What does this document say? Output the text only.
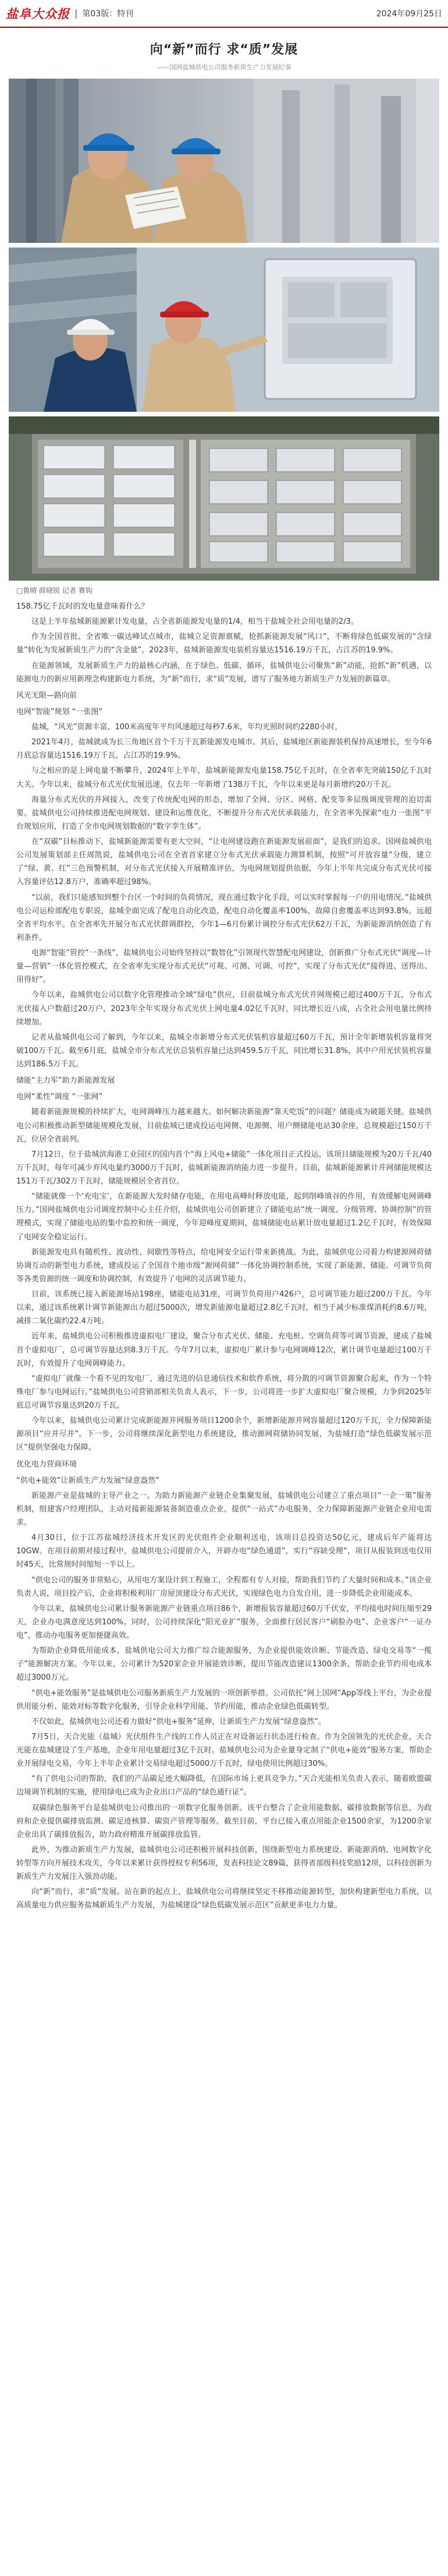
盐阜大众报 | 第03版：特刊	2024年09月25日
向“新”而行 求“质”发展
——国网盐城供电公司服务新质生产力发展纪事
□鲁晴 薛晓锐 记者 赛钩

158.75亿千瓦时的发电量意味着什么？

这是上半年盐城新能源累计发电量，占全省新能源发电量的1/4，相当于盐城全社会用电量的2/3。

作为全国首批、全省唯一碳达峰试点城市，盐城立足资源禀赋，抢抓新能源发展“风口”，不断将绿色低碳发展的“含绿量”转化为发展新质生产力的“含金量”。2023年，盐城新能源发电装机容量达1516.19万千瓦，占江苏的19.9%。

在能源领域，发展新质生产力的最核心内涵，在于绿色、低碳、循环，盐城供电公司聚焦“新”动能，抢抓“新”机遇，以能源电力的新应用新理念构建新电力系统，为“新”而行，求“质”发展，谱写了服务地方新质生产力发展的新篇章。

风光无限—路向前

电网“智能”规划 “一张图”

盐城，“风光”资源丰富，100米高度年平均风速超过每秒7.6米，年均光照时间约2280小时。

2021年4月，盐城就成为长三角地区首个千万千瓦新能源发电城市。其后，盐城地区新能源装机保持高速增长，至今年6月底总容量达1516.19万千瓦，占江苏的19.9%。

与之相应的是上网电量不断攀升，2024年上半年，盐城新能源发电量158.75亿千瓦时，在全省率先突破150亿千瓦时大关。今年以来，盐城分布式光伏发展迅速，仅去年一年新增了138万千瓦，今年以来更是每月新增约20万千瓦。

海量分布式光伏的并网接入，改变了传统配电网的形态，增加了全网、分区、网格、配变等多层级调度管理的迫切需要。盐城供电公司持续推进配电网规划、建设和运维优化，不断提升分布式光伏承载能力，在全省率先探索“电力一张图”平台规划应用，打造了全市电网规划数据的“数字孪生体”。

在“双碳”目标推动下，盐城新能源需要有更大空间，“让电网建设跑在新能源发展前面”，是我们的追求。国网盐城供电公司发展策划部主任周凯说，盐城供电公司在全省首家建立分布式光伏承载能力测算机制，按照“可开放容量”分级，建立了“绿、黄、红”三色预警机制，对分布式光伏接入开展精准评估，为电网规划提供依据，今年上半年共完成分布式光伏可接入容量评估12.8万户，准确率超过98%。

“以前，我们只能感知到整个台区一个时间的负荷情况，现在通过数字化手段，可以实时掌握每一户的用电情况。”盐城供电公司运检部配电专职说，盐城全面完成了配电自动化改造，配电自动化覆盖率100%，故障自愈覆盖率达到93.8%，远超全省平均水平。在全省率先开展分布式光伏群调群控，今年1—6月份累计调控分布式光伏62万千瓦，为新能源消纳创造了有利条件。

电源“智能”管控“一条线”，盐城供电公司始终坚持以“数智化”引领现代智慧配电网建设，创新推广分布式光伏“调度—计量—营销”一体化管控模式，在全省率先实现分布式光伏“可观、可测、可调、可控”，实现了分布式光伏“接得进、送得出、用得好”。

今年以来，盐城供电公司以数字化管理推动全域“绿电”供应，目前盐城分布式光伏并网规模已超过400万千瓦，分布式光伏接入户数超过20万户，2023年全年实现分布式光伏上网电量4.02亿千瓦时，同比增长近八成，占全社会用电量比例持续增加。

记者从盐城供电公司了解到，今年以来，盐城全市新增分布式光伏装机容量超过60万千瓦，预计全年新增装机容量将突破100万千瓦。截至6月底，盐城全市分布式光伏总装机容量已达到459.5万千瓦，同比增长31.8%，其中户用光伏装机容量达到186.5万千瓦。

储能“主力军”助力新能源发展

电网“柔性”调度 “一张网”

随着新能源规模的持续扩大，电网调峰压力越来越大。如何解决新能源“靠天吃饭”的问题？储能成为破题关键。盐城供电公司积极推动新型储能规模化发展，目前盐城已建成投运电网侧、电源侧、用户侧储能电站30余座，总规模超过150万千瓦，位居全省前列。

7月12日，位于盐城滨海港工业园区的国内首个“海上风电+储能”一体化项目正式投运，该项目储能规模为20万千瓦/40万千瓦时，每年可减少弃风电量约3000万千瓦时，盐城新能源消纳能力进一步提升。目前，盐城新能源累计并网储能规模达151万千瓦/302万千瓦时，储能规模居全省首位。

“储能就像一个‘充电宝’，在新能源大发时储存电能，在用电高峰时释放电能，起到削峰填谷的作用，有效缓解电网调峰压力。”国网盐城供电公司调度控制中心主任介绍，盐城供电公司创新建立了储能电站“统一调度、分级管理、协调控制”的管理模式，实现了储能电站的集中监控和统一调度，今年迎峰度夏期间，盐城储能电站累计放电量超过1.2亿千瓦时，有效保障了电网安全稳定运行。

新能源发电具有随机性、波动性、间歇性等特点，给电网安全运行带来新挑战。为此，盐城供电公司着力构建源网荷储协调互动的新型电力系统，建成投运了全国首个地市级“源网荷储”一体化协调控制系统，实现了新能源、储能、可调节负荷等各类资源的统一调度和协调控制，有效提升了电网的灵活调节能力。

目前，该系统已接入新能源场站198座，储能电站31座，可调节负荷用户426户，总可调节能力超过200万千瓦。今年以来，通过该系统累计调节新能源出力超过5000次，增发新能源电量超过2.8亿千瓦时，相当于减少标准煤消耗约8.6万吨，减排二氧化碳约22.4万吨。

近年来，盐城供电公司积极推进虚拟电厂建设，聚合分布式光伏、储能、充电桩、空调负荷等可调节资源，建成了盐城首个虚拟电厂，总可调节容量达到8.3万千瓦。今年7月以来，虚拟电厂累计参与电网调峰12次，累计调节电量超过100万千瓦时，有效提升了电网调峰能力。

“虚拟电厂就像一个看不见的发电厂，通过先进的信息通信技术和软件系统，将分散的可调节资源聚合起来，作为一个特殊电厂参与电网运行。”盐城供电公司营销部相关负责人表示，下一步，公司将进一步扩大虚拟电厂聚合规模，力争到2025年底总可调节容量达到20万千瓦。

今年以来，盐城供电公司累计完成新能源并网服务项目1200余个，新增新能源并网容量超过120万千瓦，全力保障新能源项目“应并尽并”。下一步，公司将继续深化新型电力系统建设，推动源网荷储协同发展，为盐城打造“绿色低碳发展示范区”提供坚强电力保障。

优化电力营商环境

“供电+能效”让新质生产力发展“绿意盎然”

新能源产业是盐城的主导产业之一。为助力新能源产业链企业集聚发展，盐城供电公司建立了重点项目“一企一策”服务机制，组建客户经理团队，主动对接新能源装备制造重点企业，提供“一站式”办电服务，全力保障新能源产业链企业用电需求。

4月30日，位于江苏盐城经济技术开发区的光伏组件企业顺利送电，该项目总投资达50亿元，建成后年产能将达10GW。在项目前期对接过程中，盐城供电公司提前介入，开辟办电“绿色通道”，实行“容缺受理”，项目从报装到送电仅用时45天，比常规时间缩短一半以上。

“供电公司的服务非常贴心，从用电方案设计到工程施工，全程都有专人对接，帮助我们节约了大量时间和成本。”该企业负责人说，项目投产后，企业将积极利用厂房屋顶建设分布式光伏，实现绿色电力自发自用，进一步降低企业用能成本。

今年以来，盐城供电公司累计服务新能源产业链重点项目86个，新增报装容量超过60万千伏安，平均接电时间压缩至29天，企业办电满意度达到100%。同时，公司持续深化“阳光业扩”服务，全面推行居民客户“刷脸办电”、企业客户“一证办电”，推动办电服务更加便捷高效。

为帮助企业降低用能成本，盐城供电公司大力推广综合能源服务，为企业提供能效诊断、节能改造、绿电交易等“一揽子”能源解决方案。今年以来，公司累计为520家企业开展能效诊断，提出节能改造建议1300余条，帮助企业节约用电成本超过3000万元。

“供电+能效服务”是盐城供电公司服务新质生产力发展的一项创新举措。公司依托“网上国网”App等线上平台，为企业提供用能分析、能效对标等数字化服务，引导企业科学用能、节约用能，推动企业绿色低碳转型。

不仅如此，盐城供电公司还着力做好“供电+服务”延伸，让新质生产力发展“绿意盎然”。

7月5日，天合光能（盐城）光伏组件生产线的工作人员正在对设备运行状态进行检查。作为全国领先的光伏企业，天合光能在盐城建设了生产基地，企业年用电量超过3亿千瓦时。盐城供电公司为企业量身定制了“供电+能效”服务方案，帮助企业开展绿电交易，今年上半年企业累计交易绿电超过5000万千瓦时，绿电使用比例超过30%。

“有了供电公司的帮助，我们的产品碳足迹大幅降低，在国际市场上更具竞争力。”天合光能相关负责人表示，随着欧盟碳边境调节机制的实施，使用绿电已成为企业出口产品的“绿色通行证”。

双碳绿色服务平台是盐城供电公司推出的一项数字化服务创新。该平台整合了企业用能数据、碳排放数据等信息，为政府和企业提供碳排放监测、碳足迹核算、碳资产管理等服务。截至目前，平台已接入重点用能企业1500余家，为1200余家企业出具了碳排放报告，助力政府精准开展碳排放监管。

此外，为推动新质生产力发展，盐城供电公司还积极开展科技创新，围绕新型电力系统建设、新能源消纳、电网数字化转型等方向开展技术攻关，今年以来累计获得授权专利56项，发表科技论文89篇，获得省部级科技奖励12项，以科技创新为新质生产力发展注入强劲动能。

向“新”而行，求“质”发展。站在新的起点上，盐城供电公司将继续坚定不移推动能源转型，加快构建新型电力系统，以高质量电力供应服务盐城新质生产力发展，为盐城建设“绿色低碳发展示范区”贡献更多电力力量。
